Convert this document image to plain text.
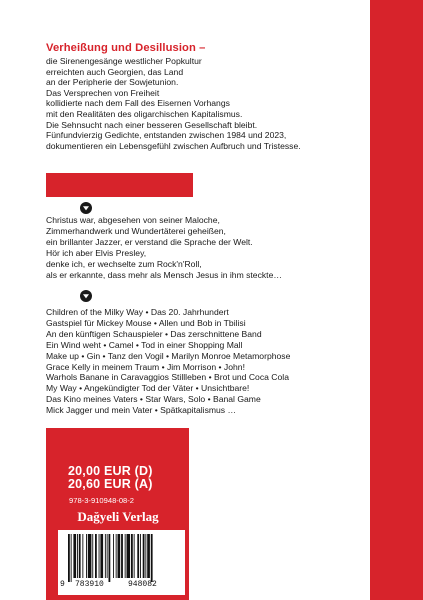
Verheißung und Desillusion –
die Sirenengesänge westlicher Popkultur
erreichten auch Georgien, das Land
an der Peripherie der Sowjetunion.
Das Versprechen von Freiheit
kollidierte nach dem Fall des Eisernen Vorhangs
mit den Realitäten des oligarchischen Kapitalismus.
Die Sehnsucht nach einer besseren Gesellschaft bleibt.
Fünfundvierzig Gedichte, entstanden zwischen 1984 und 2023,
dokumentieren ein Lebensgefühl zwischen Aufbruch und Tristesse.
Christus war, abgesehen von seiner Maloche,
Zimmerhandwerk und Wundertäterei geheißen,
ein brillanter Jazzer, er verstand die Sprache der Welt.
Hör ich aber Elvis Presley,
denke ich, er wechselte zum Rock'n'Roll,
als er erkannte, dass mehr als Mensch Jesus in ihm steckte…
Children of the Milky Way • Das 20. Jahrhundert
Gastspiel für Mickey Mouse • Allen und Bob in Tbilisi
An den künftigen Schauspieler • Das zerschnittene Band
Ein Wind weht • Camel • Tod in einer Shopping Mall
Make up • Gin • Tanz den Vogil • Marilyn Monroe Metamorphose
Grace Kelly in meinem Traum • Jim Morrison • John!
Warhols Banane in Caravaggios Stillleben • Brot und Coca Cola
My Way • Angekündigter Tod der Väter • Unsichtbare!
Das Kino meines Vaters • Star Wars, Solo • Banal Game
Mick Jagger und mein Vater • Spätkapitalismus …
20,00 EUR (D)
20,60 EUR (A)
978-3-910948-08-2
Dağyeli Verlag
9 783910	948082
